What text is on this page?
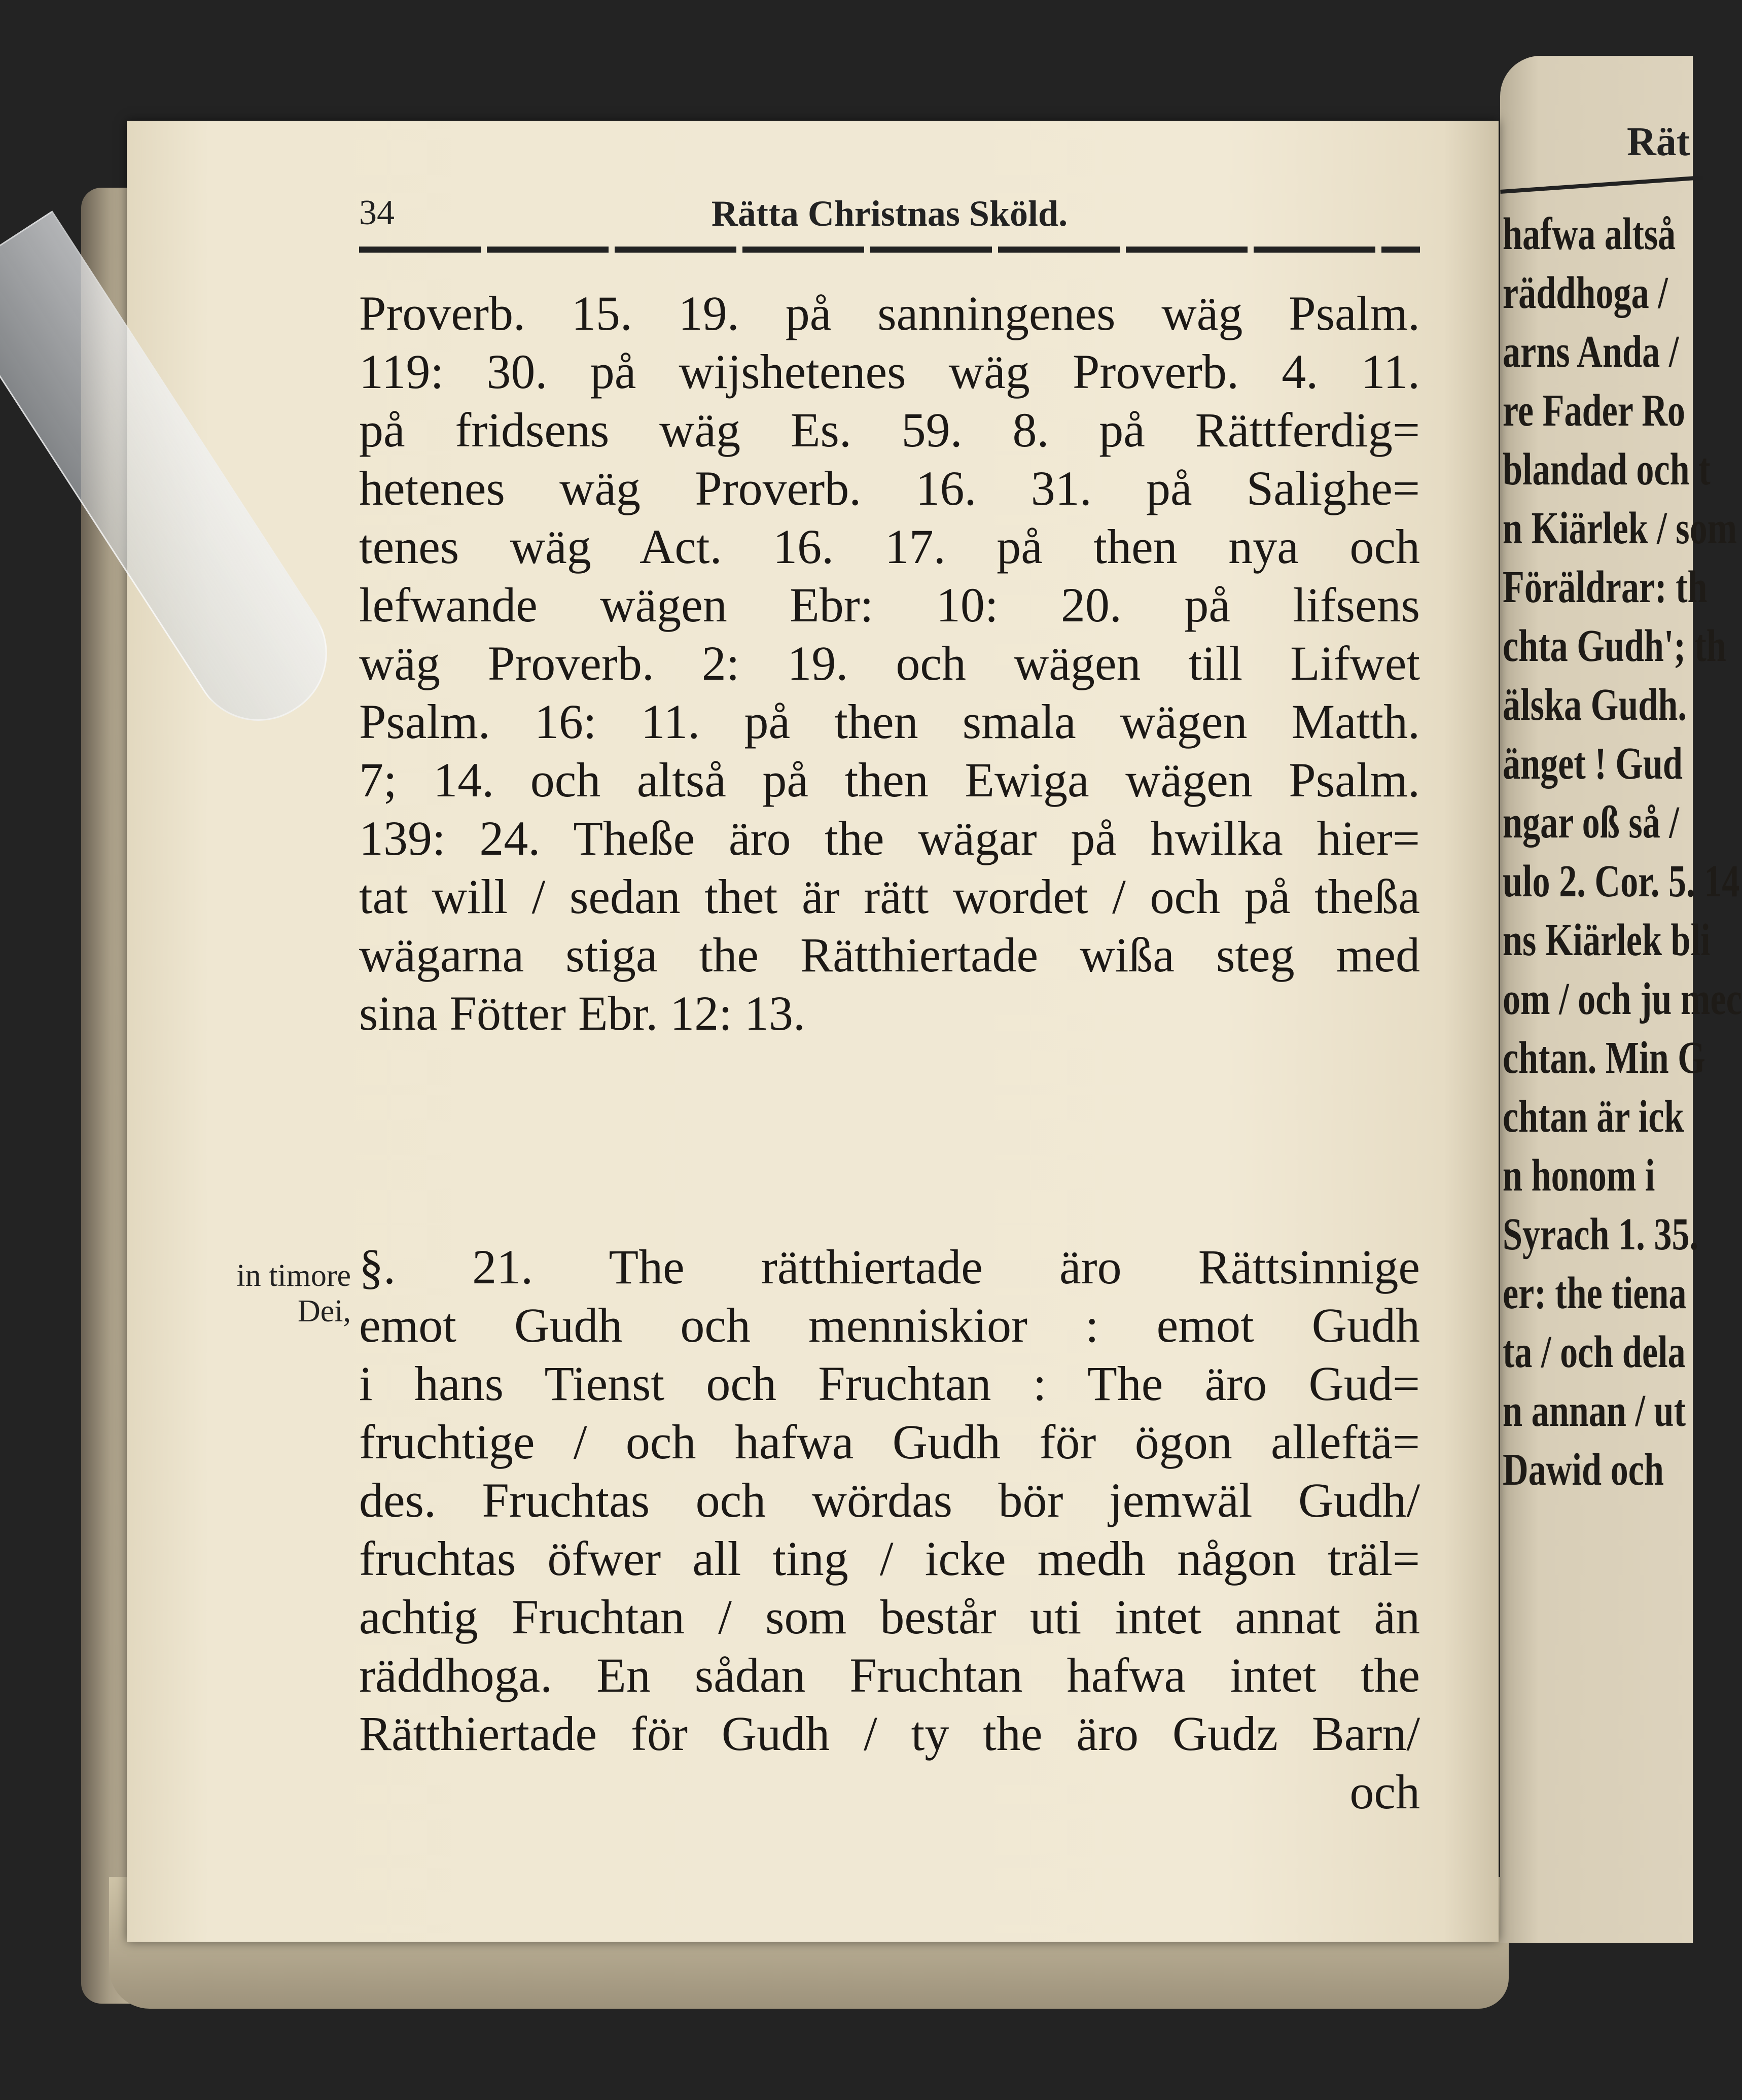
Rät
hafwa altså
räddhoga /
arns Anda /
re Fader Ro
blandad och t
n Kiärlek / som
Föräldrar: th
chta Gudh'; th
älska Gudh.
änget ! Gud
ngar oß så /
ulo 2. Cor. 5. 14
ns Kiärlek bli
om / och ju mec
chtan. Min G
chtan är ick
n honom i
Syrach 1. 35.
er: the tiena
ta / och dela
n annan / ut
Dawid och
34	Rätta Christnas Sköld.
Proverb. 15. 19. på sanningenes wäg Psalm.
119: 30. på wijshetenes wäg Proverb. 4. 11.
på fridsens wäg Es. 59. 8. på Rättferdig=
hetenes wäg Proverb. 16. 31. på Salighe=
tenes wäg Act. 16. 17. på then nya och
lefwande wägen Ebr: 10: 20. på lifsens
wäg Proverb. 2: 19. och wägen till Lifwet
Psalm. 16: 11. på then smala wägen Matth.
7; 14. och altså på then Ewiga wägen Psalm.
139: 24. Theße äro the wägar på hwilka hier=
tat will / sedan thet är rätt wordet / och på theßa
wägarna stiga the Rätthiertade wißa steg med
sina Fötter Ebr. 12: 13.
in timore
Dei,
§. 21. The rätthiertade äro Rättsinnige
emot Gudh och menniskior : emot Gudh
i hans Tienst och Fruchtan : The äro Gud=
fruchtige / och hafwa Gudh för ögon alleftä=
des. Fruchtas och wördas bör jemwäl Gudh/
fruchtas öfwer all ting / icke medh någon träl=
achtig Fruchtan / som består uti intet annat än
räddhoga. En sådan Fruchtan hafwa intet the
Rätthiertade för Gudh / ty the äro Gudz Barn/
och
